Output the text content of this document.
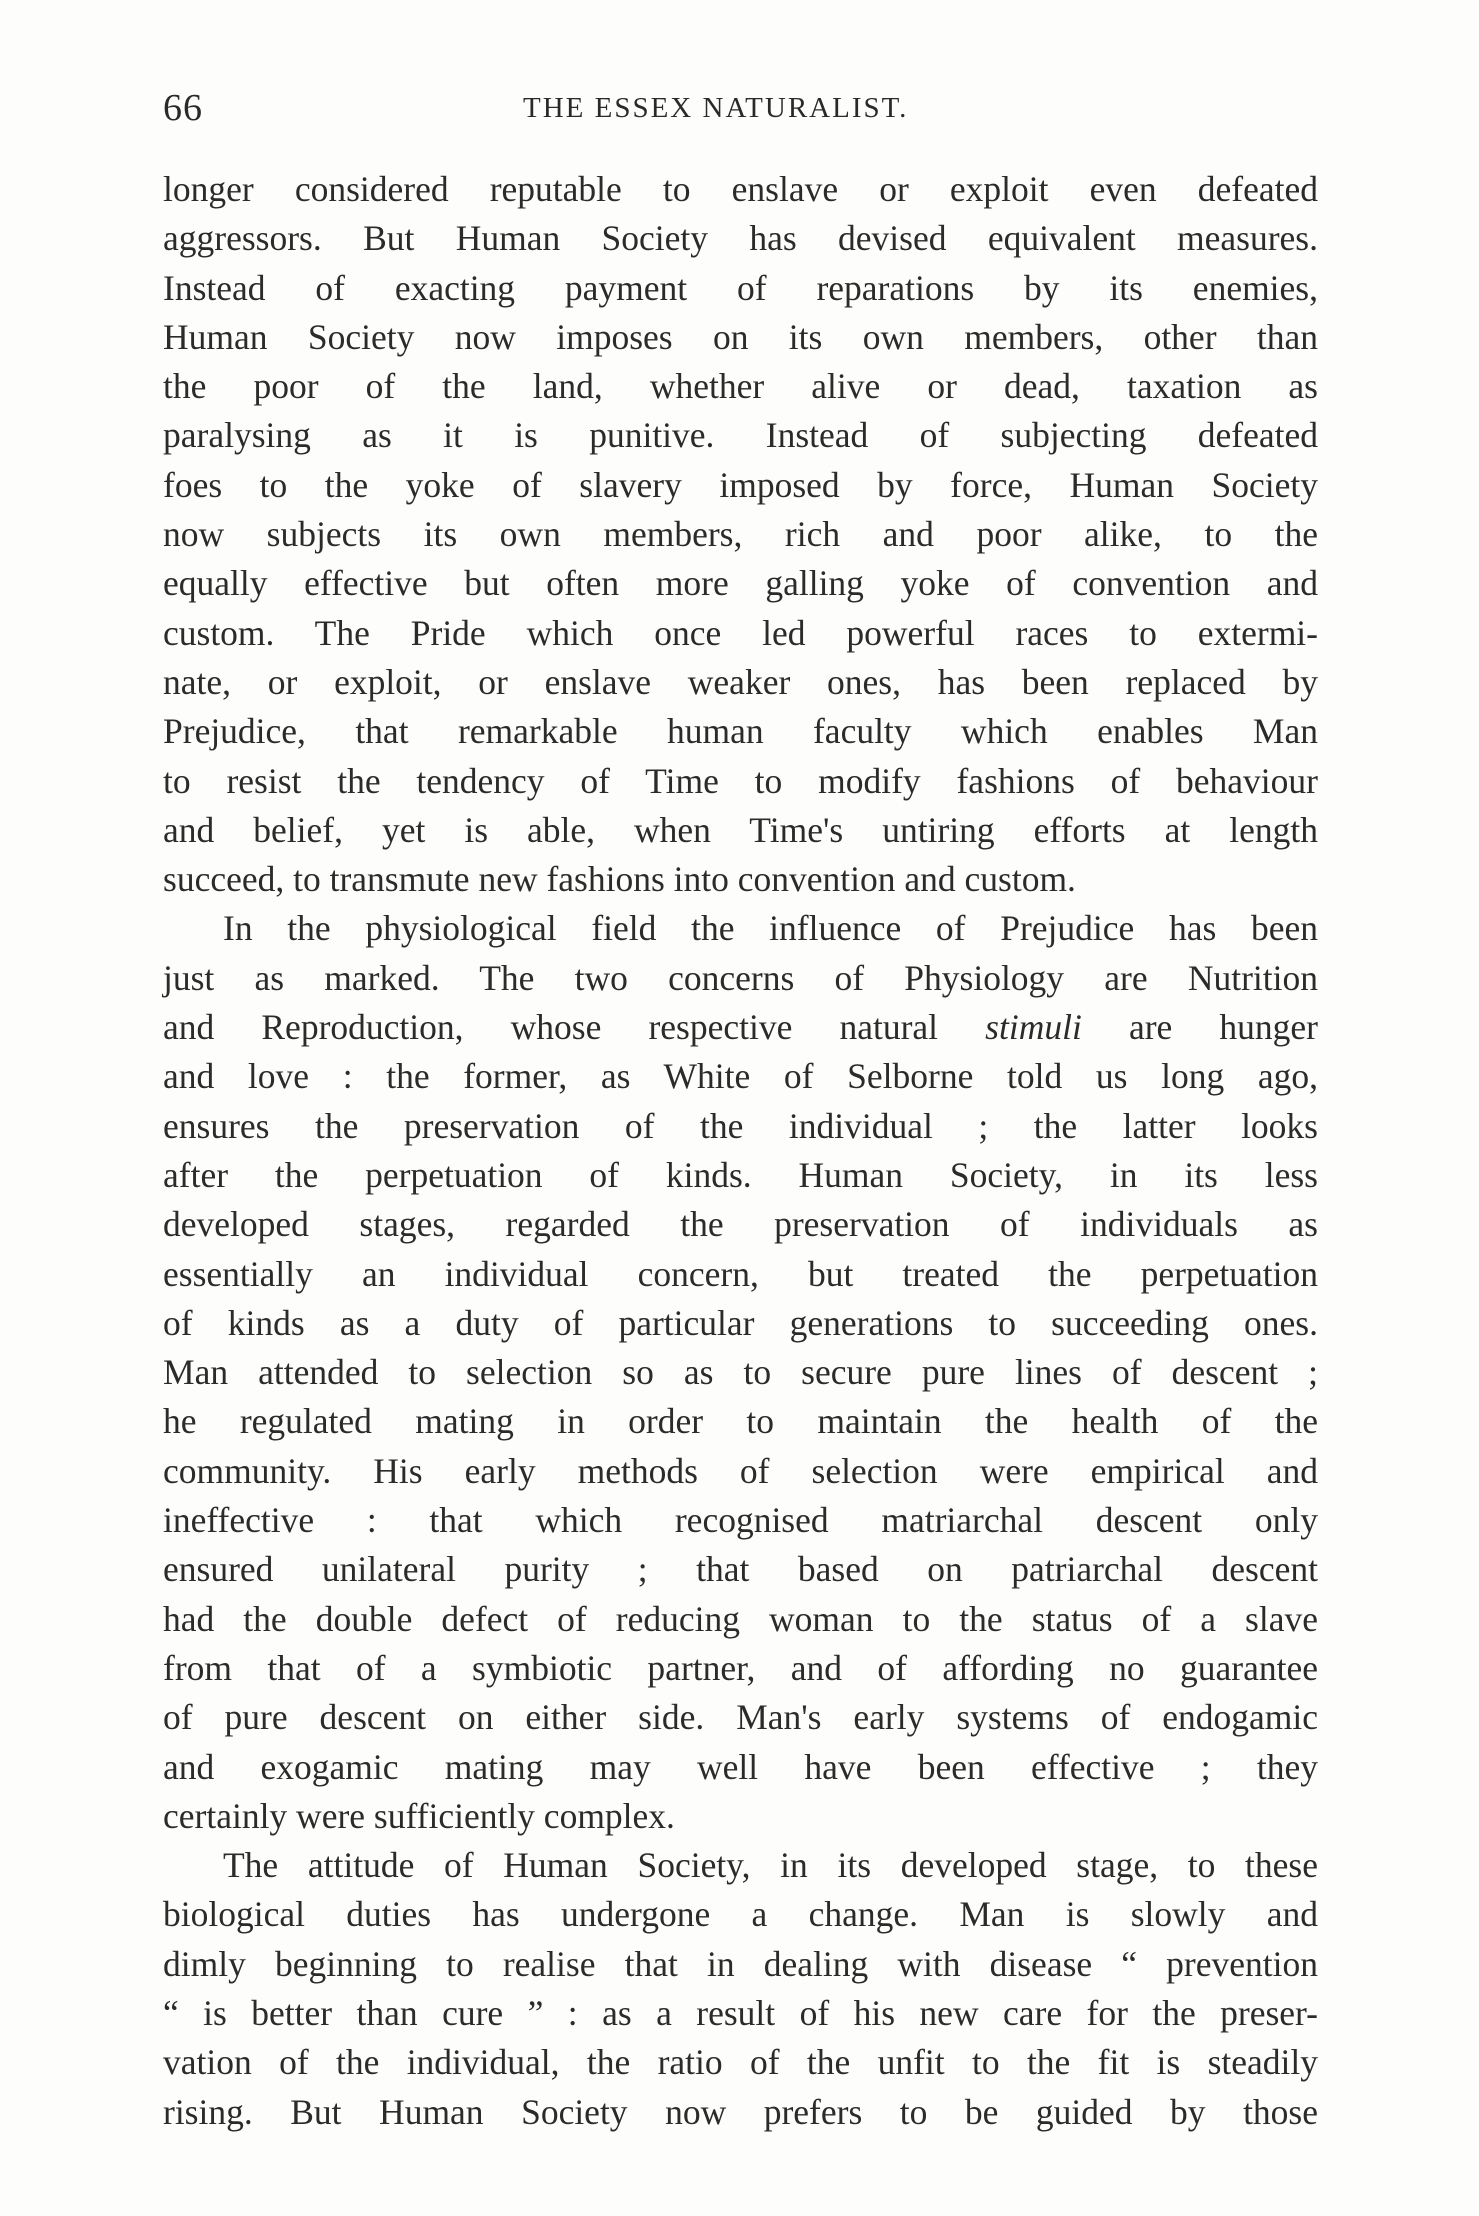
66	THE ESSEX NATURALIST.

longer considered reputable to enslave or exploit even defeated
aggressors. But Human Society has devised equivalent measures.
Instead of exacting payment of reparations by its enemies,
Human Society now imposes on its own members, other than
the poor of the land, whether alive or dead, taxation as
paralysing as it is punitive. Instead of subjecting defeated
foes to the yoke of slavery imposed by force, Human Society
now subjects its own members, rich and poor alike, to the
equally effective but often more galling yoke of convention and
custom. The Pride which once led powerful races to extermi-
nate, or exploit, or enslave weaker ones, has been replaced by
Prejudice, that remarkable human faculty which enables Man
to resist the tendency of Time to modify fashions of behaviour
and belief, yet is able, when Time's untiring efforts at length
succeed, to transmute new fashions into convention and custom.

In the physiological field the influence of Prejudice has been
just as marked. The two concerns of Physiology are Nutrition
and Reproduction, whose respective natural stimuli are hunger
and love : the former, as White of Selborne told us long ago,
ensures the preservation of the individual ; the latter looks
after the perpetuation of kinds. Human Society, in its less
developed stages, regarded the preservation of individuals as
essentially an individual concern, but treated the perpetuation
of kinds as a duty of particular generations to succeeding ones.
Man attended to selection so as to secure pure lines of descent ;
he regulated mating in order to maintain the health of the
community. His early methods of selection were empirical and
ineffective : that which recognised matriarchal descent only
ensured unilateral purity ; that based on patriarchal descent
had the double defect of reducing woman to the status of a slave
from that of a symbiotic partner, and of affording no guarantee
of pure descent on either side. Man's early systems of endogamic
and exogamic mating may well have been effective ; they
certainly were sufficiently complex.

The attitude of Human Society, in its developed stage, to these
biological duties has undergone a change. Man is slowly and
dimly beginning to realise that in dealing with disease “ prevention
“ is better than cure ” : as a result of his new care for the preser-
vation of the individual, the ratio of the unfit to the fit is steadily
rising. But Human Society now prefers to be guided by those
